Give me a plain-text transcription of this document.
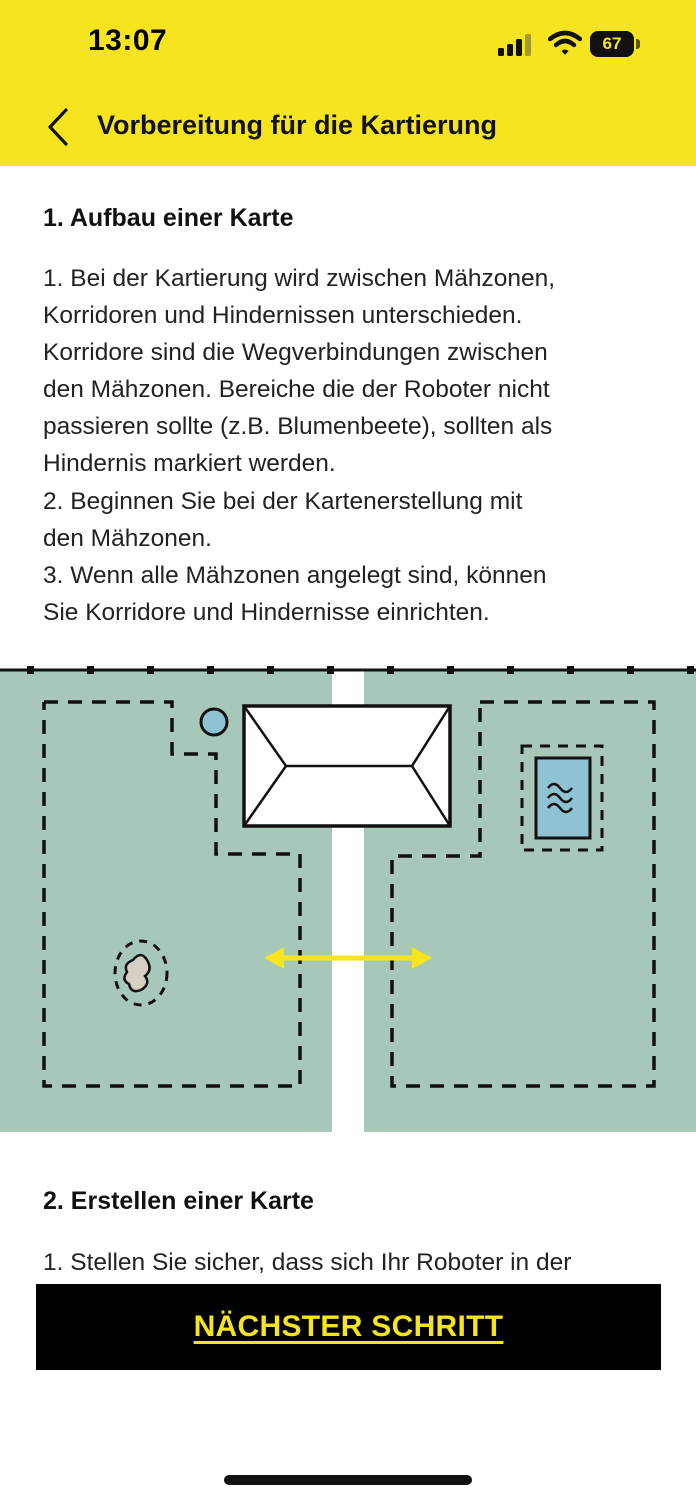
13:07	67
Vorbereitung für die Kartierung
1. Aufbau einer Karte

1. Bei der Kartierung wird zwischen Mähzonen,

Korridoren und Hindernissen unterschieden.

Korridore sind die Wegverbindungen zwischen

den Mähzonen. Bereiche die der Roboter nicht

passieren sollte (z.B. Blumenbeete), sollten als

Hindernis markiert werden.

2. Beginnen Sie bei der Kartenerstellung mit

den Mähzonen.

3. Wenn alle Mähzonen angelegt sind, können

Sie Korridore und Hindernisse einrichten.

2. Erstellen einer Karte

1. Stellen Sie sicher, dass sich Ihr Roboter in der

NÄCHSTER SCHRITT
